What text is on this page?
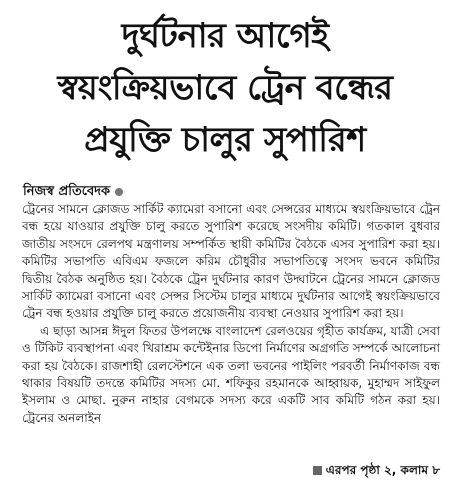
দুর্ঘটনার আগেই
স্বয়ংক্রিয়ভাবে ট্রেন বন্ধের
প্রযুক্তি চালুর সুপারিশ
নিজস্ব প্রতিবেদক

ট্রেনের সামনে ক্লোজড সার্কিট ক্যামেরা বসানো এবং সেন্সরের মাধ্যমে স্বয়ংক্রিয়ভাবে ট্রেন বন্ধ হয়ে যাওয়ার প্রযুক্তি চালু করতে সুপারিশ করেছে সংসদীয় কমিটি। গতকাল বুধবার জাতীয় সংসদে রেলপথ মন্ত্রণালয় সম্পর্কিত স্থায়ী কমিটির বৈঠকে এসব সুপারিশ করা হয়। কমিটির সভাপতি এবিএম ফজলে করিম চৌধুরীর সভাপতিত্বে সংসদ ভবনে কমিটির দ্বিতীয় বৈঠক অনুষ্ঠিত হয়। বৈঠকে ট্রেন দুর্ঘটনার কারণ উদ্ঘাটনে ট্রেনের সামনে ক্লোজড সার্কিট ক্যামেরা বসানো এবং সেন্সর সিস্টেম চালুর মাধ্যমে দুর্ঘটনার আগেই স্বয়ংক্রিয়ভাবে ট্রেন বন্ধ হওয়ার প্রযুক্তি চালু করতে প্রয়োজনীয় ব্যবস্থা নেওয়ার সুপারিশ করা হয়।

এ ছাড়া আসন্ন ঈদুল ফিতর উপলক্ষে বাংলাদেশ রেলওয়ের গৃহীত কার্যক্রম, যাত্রী সেবা ও টিকিট ব্যবস্থাপনা এবং খিরাশ্রম কন্টেইনার ডিপো নির্মাণের অগ্রগতি সম্পর্কে আলোচনা করা হয় বৈঠকে। রাজশাহী রেলস্টেশনে এক তলা ভবনের পাইলিং পরবর্তী নির্মাণকাজ বন্ধ থাকার বিষয়টি তদন্তে কমিটির সদস্য মো. শফিকুর রহমানকে আহ্বায়ক, মুহাম্মদ সাইফুল ইসলাম ও মোছা. নুরুন নাহার বেগমকে সদস্য করে একটি সাব কমিটি গঠন করা হয়। ট্রেনের অনলাইন

এরপর পৃষ্ঠা ২, কলাম ৮
